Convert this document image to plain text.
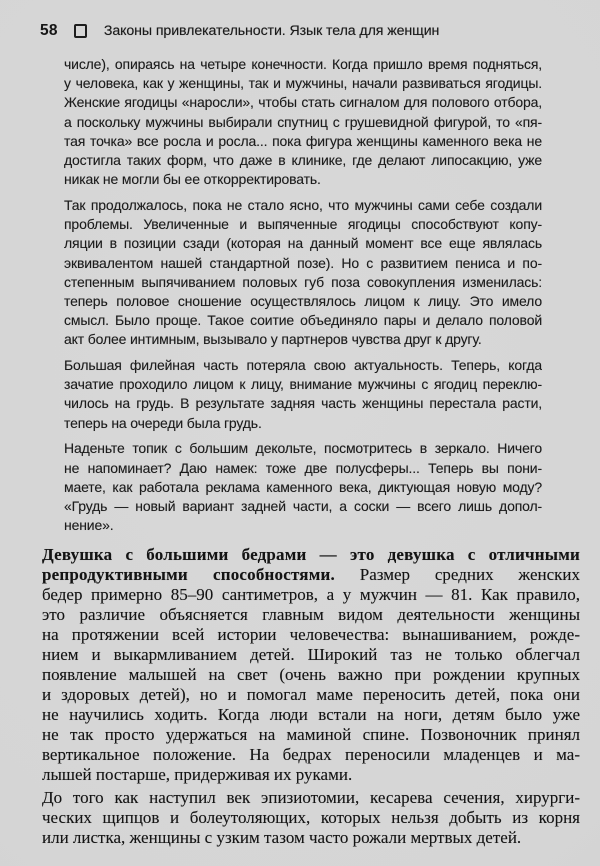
58	Законы привлекательности. Язык тела для женщин
числе), опираясь на четыре конечности. Когда пришло время подняться,
у человека, как у женщины, так и мужчины, начали развиваться ягодицы.
Женские ягодицы «наросли», чтобы стать сигналом для полового отбора,
а поскольку мужчины выбирали спутниц с грушевидной фигурой, то «пя-
тая точка» все росла и росла... пока фигура женщины каменного века не
достигла таких форм, что даже в клинике, где делают липосакцию, уже
никак не могли бы ее откорректировать.
Так продолжалось, пока не стало ясно, что мужчины сами себе создали
проблемы. Увеличенные и выпяченные ягодицы способствуют копу-
ляции в позиции сзади (которая на данный момент все еще являлась
эквивалентом нашей стандартной позе). Но с развитием пениса и по-
степенным выпячиванием половых губ поза совокупления изменилась:
теперь половое сношение осуществлялось лицом к лицу. Это имело
смысл. Было проще. Такое соитие объединяло пары и делало половой
акт более интимным, вызывало у партнеров чувства друг к другу.
Большая филейная часть потеряла свою актуальность. Теперь, когда
зачатие проходило лицом к лицу, внимание мужчины с ягодиц переклю-
чилось на грудь. В результате задняя часть женщины перестала расти,
теперь на очереди была грудь.
Наденьте топик с большим декольте, посмотритесь в зеркало. Ничего
не напоминает? Даю намек: тоже две полусферы... Теперь вы пони-
маете, как работала реклама каменного века, диктующая новую моду?
«Грудь — новый вариант задней части, а соски — всего лишь допол-
нение».
Девушка с большими бедрами — это девушка с отличными
репродуктивными способностями. Размер средних женских
бедер примерно 85–90 сантиметров, а у мужчин — 81. Как правило,
это различие объясняется главным видом деятельности женщины
на протяжении всей истории человечества: вынашиванием, рожде-
нием и выкармливанием детей. Широкий таз не только облегчал
появление малышей на свет (очень важно при рождении крупных
и здоровых детей), но и помогал маме переносить детей, пока они
не научились ходить. Когда люди встали на ноги, детям было уже
не так просто удержаться на маминой спине. Позвоночник принял
вертикальное положение. На бедрах переносили младенцев и ма-
лышей постарше, придерживая их руками.
До того как наступил век эпизиотомии, кесарева сечения, хирурги-
ческих щипцов и болеутоляющих, которых нельзя добыть из корня
или листка, женщины с узким тазом часто рожали мертвых детей.
